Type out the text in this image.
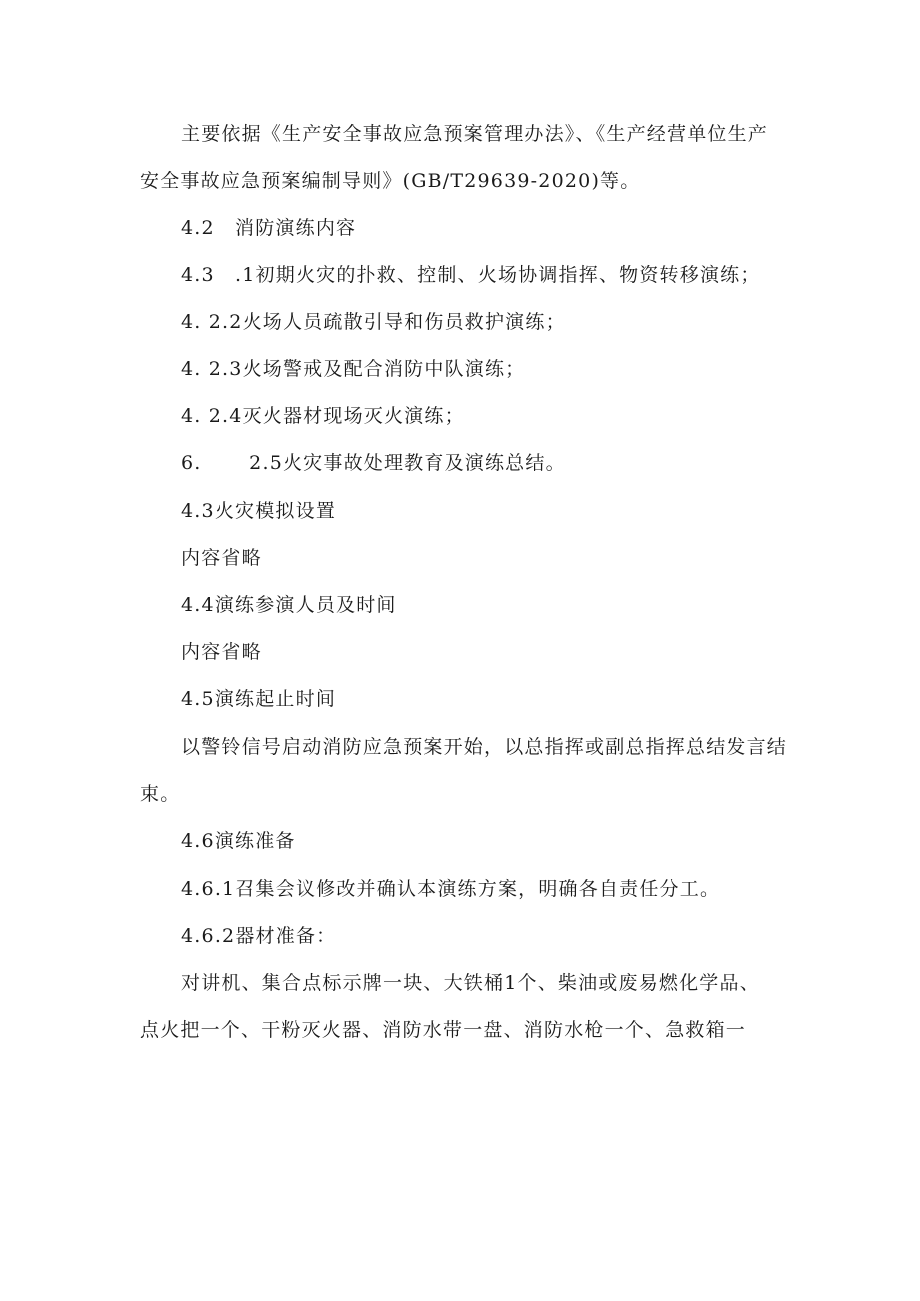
主要依据《生产安全事故应急预案管理办法》、《生产经营单位生产
安全事故应急预案编制导则》(GB/T29639-2020)等。
4.2　消防演练内容
4.3　.1初期火灾的扑救、控制、火场协调指挥、物资转移演练；
4. 2.2火场人员疏散引导和伤员救护演练；
4. 2.3火场警戒及配合消防中队演练；
4. 2.4灭火器材现场灭火演练；
6.　　 2.5火灾事故处理教育及演练总结。
4.3火灾模拟设置
内容省略
4.4演练参演人员及时间
内容省略
4.5演练起止时间
以警铃信号启动消防应急预案开始，以总指挥或副总指挥总结发言结
束。
4.6演练准备
4.6.1召集会议修改并确认本演练方案，明确各自责任分工。
4.6.2器材准备：
对讲机、集合点标示牌一块、大铁桶1个、柴油或废易燃化学品、
点火把一个、干粉灭火器、消防水带一盘、消防水枪一个、急救箱一
